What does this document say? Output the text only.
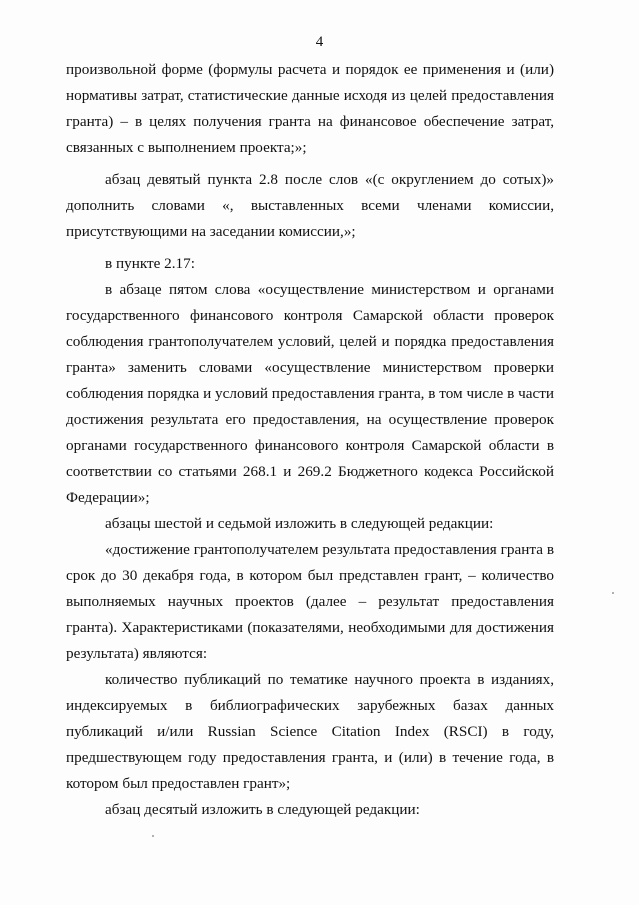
4
произвольной форме (формулы расчета и порядок ее применения и (или)
нормативы затрат, статистические данные исходя из целей предоставления
гранта) – в целях получения гранта на финансовое обеспечение затрат,
связанных с выполнением проекта;»;
абзац девятый пункта 2.8 после слов «(с округлением до сотых)»
дополнить словами «, выставленных всеми членами комиссии,
присутствующими на заседании комиссии,»;
в пункте 2.17:
в абзаце пятом слова «осуществление министерством и органами
государственного финансового контроля Самарской области проверок
соблюдения грантополучателем условий, целей и порядка предоставления
гранта» заменить словами «осуществление министерством проверки
соблюдения порядка и условий предоставления гранта, в том числе в части
достижения результата его предоставления, на осуществление проверок
органами государственного финансового контроля Самарской области в
соответствии со статьями 268.1 и 269.2 Бюджетного кодекса Российской
Федерации»;
абзацы шестой и седьмой изложить в следующей редакции:
«достижение грантополучателем результата предоставления гранта в
срок до 30 декабря года, в котором был представлен грант, – количество
выполняемых научных проектов (далее – результат предоставления
гранта). Характеристиками (показателями, необходимыми для достижения
результата) являются:
количество публикаций по тематике научного проекта в изданиях,
индексируемых в библиографических зарубежных базах данных
публикаций и/или Russian Science Citation Index (RSCI) в году,
предшествующем году предоставления гранта, и (или) в течение года, в
котором был предоставлен грант»;
абзац десятый изложить в следующей редакции:
